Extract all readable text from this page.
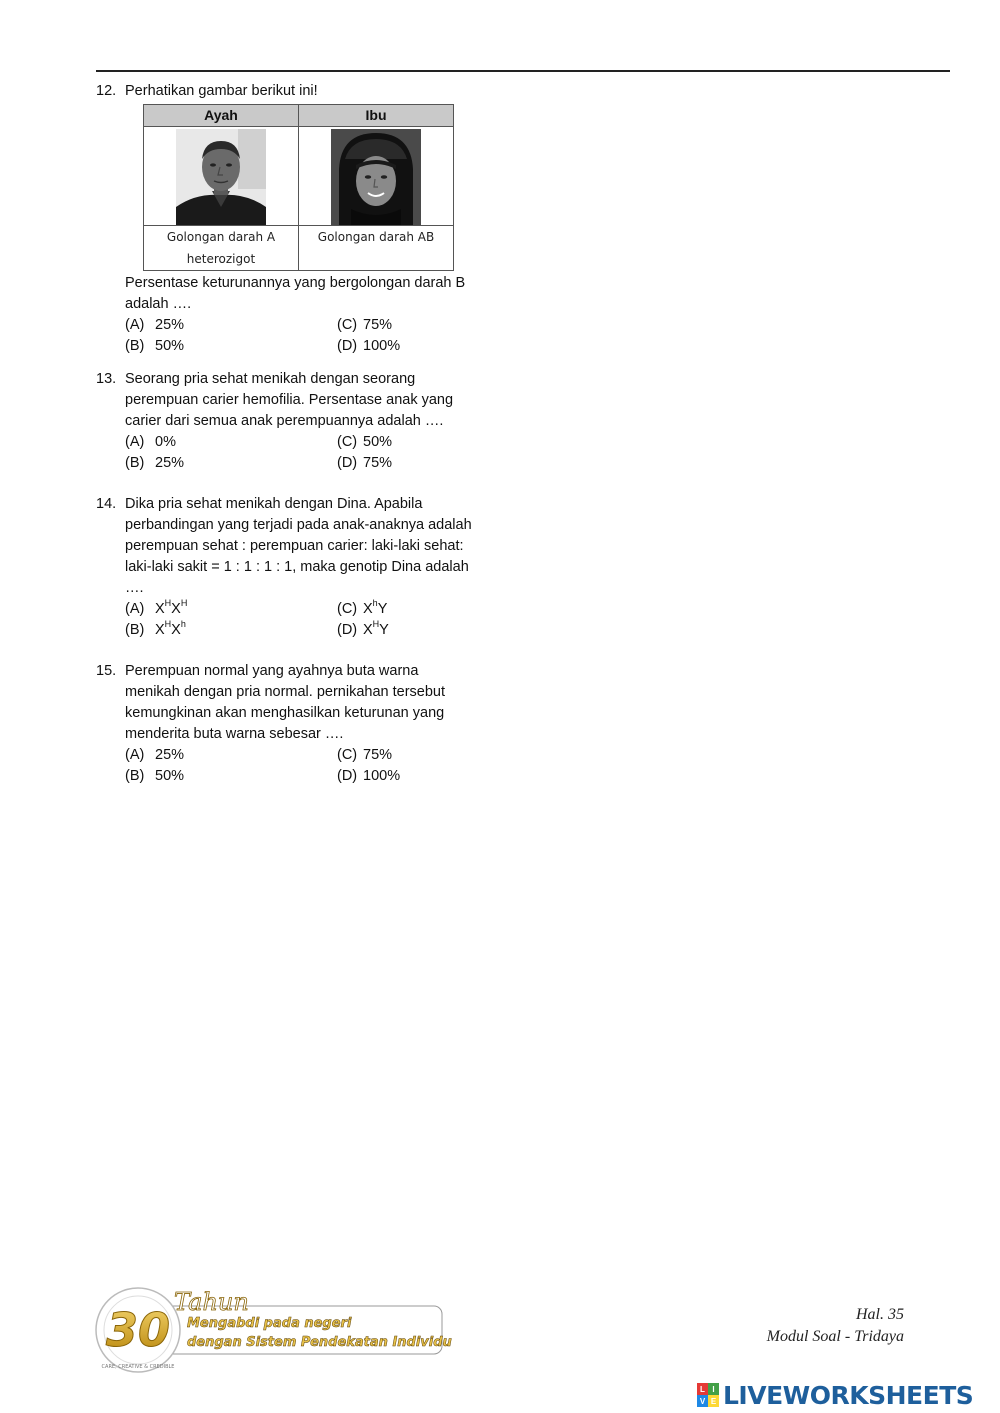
12. Perhatikan gambar berikut ini!
Ayah	Ibu

Golongan darah A heterozigot	Golongan darah AB
Persentase keturunannya yang bergolongan darah B adalah ….
(A) 25%	(C) 75%
(B) 50%	(D) 100%
13. Seorang pria sehat menikah dengan seorang perempuan carier hemofilia. Persentase anak yang carier dari semua anak perempuannya adalah ….
(A) 0%	(C) 50%
(B) 25%	(D) 75%
14. Dika pria sehat menikah dengan Dina. Apabila perbandingan yang terjadi pada anak-anaknya adalah perempuan sehat : perempuan carier: laki-laki sehat: laki-laki sakit = 1 : 1 : 1 : 1, maka genotip Dina adalah ….
(A) $X^HX^H$	(C) $X^hY$
(B) $X^HX^h$	(D) $X^HY$
15. Perempuan normal yang ayahnya buta warna menikah dengan pria normal. pernikahan tersebut kemungkinan akan menghasilkan keturunan yang menderita buta warna sebesar ….
(A) 25%	(C) 75%
(B) 50%	(D) 100%
30
Tahun
Mengabdi pada negeri
dengan Sistem Pendekatan Individu
CARE, CREATIVE & CREDIBLE
Hal. 35
Modul Soal - Tridaya
L I
V E LIVEWORKSHEETS
